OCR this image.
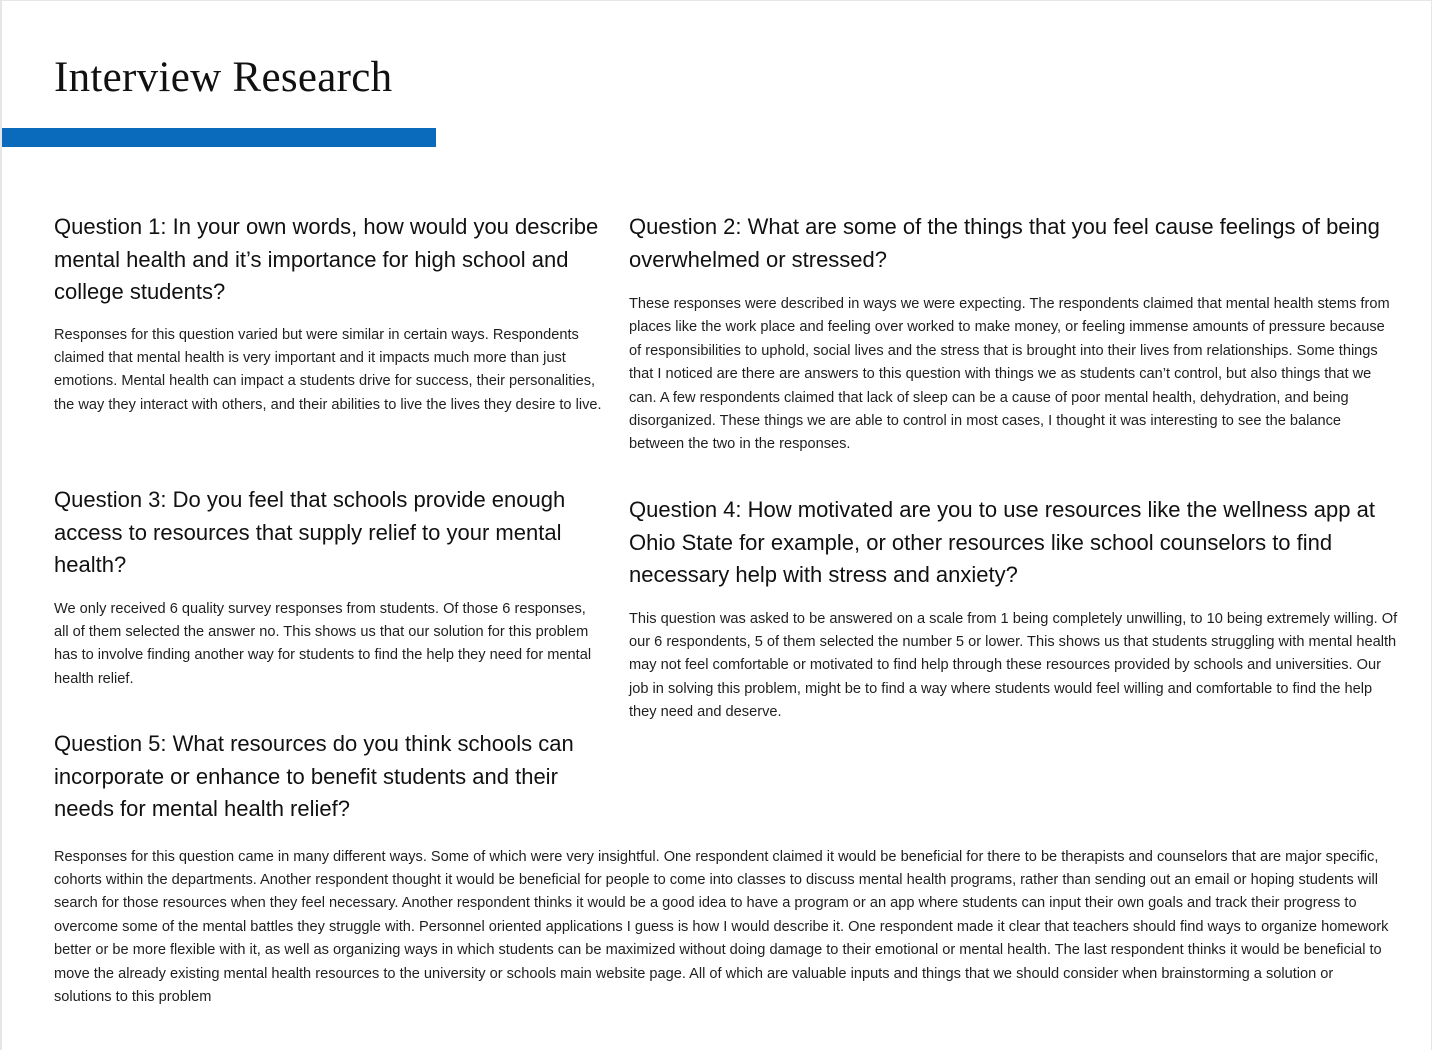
Interview Research
Question 1: In your own words, how would you describe mental health and it’s importance for high school and college students?

Responses for this question varied but were similar in certain ways. Respondents claimed that mental health is very important and it impacts much more than just emotions. Mental health can impact a students drive for success, their personalities, the way they interact with others, and their abilities to live the lives they desire to live.

Question 2: What are some of the things that you feel cause feelings of being overwhelmed or stressed?

These responses were described in ways we were expecting. The respondents claimed that mental health stems from places like the work place and feeling over worked to make money, or feeling immense amounts of pressure because of responsibilities to uphold, social lives and the stress that is brought into their lives from relationships. Some things that I noticed are there are answers to this question with things we as students can’t control, but also things that we can. A few respondents claimed that lack of sleep can be a cause of poor mental health, dehydration, and being disorganized. These things we are able to control in most cases, I thought it was interesting to see the balance between the two in the responses.

Question 3: Do you feel that schools provide enough access to resources that supply relief to your mental health?

We only received 6 quality survey responses from students. Of those 6 responses, all of them selected the answer no. This shows us that our solution for this problem has to involve finding another way for students to find the help they need for mental health relief.

Question 4: How motivated are you to use resources like the wellness app at Ohio State for example, or other resources like school counselors to find necessary help with stress and anxiety?

This question was asked to be answered on a scale from 1 being completely unwilling, to 10 being extremely willing. Of our 6 respondents, 5 of them selected the number 5 or lower. This shows us that students struggling with mental health may not feel comfortable or motivated to find help through these resources provided by schools and universities. Our job in solving this problem, might be to find a way where students would feel willing and comfortable to find the help they need and deserve.

Question 5: What resources do you think schools can incorporate or enhance to benefit students and their needs for mental health relief?

Responses for this question came in many different ways. Some of which were very insightful. One respondent claimed it would be beneficial for there to be therapists and counselors that are major specific, cohorts within the departments. Another respondent thought it would be beneficial for people to come into classes to discuss mental health programs, rather than sending out an email or hoping students will search for those resources when they feel necessary. Another respondent thinks it would be a good idea to have a program or an app where students can input their own goals and track their progress to overcome some of the mental battles they struggle with. Personnel oriented applications I guess is how I would describe it. One respondent made it clear that teachers should find ways to organize homework better or be more flexible with it, as well as organizing ways in which students can be maximized without doing damage to their emotional or mental health. The last respondent thinks it would be beneficial to move the already existing mental health resources to the university or schools main website page. All of which are valuable inputs and things that we should consider when brainstorming a solution or solutions to this problem
